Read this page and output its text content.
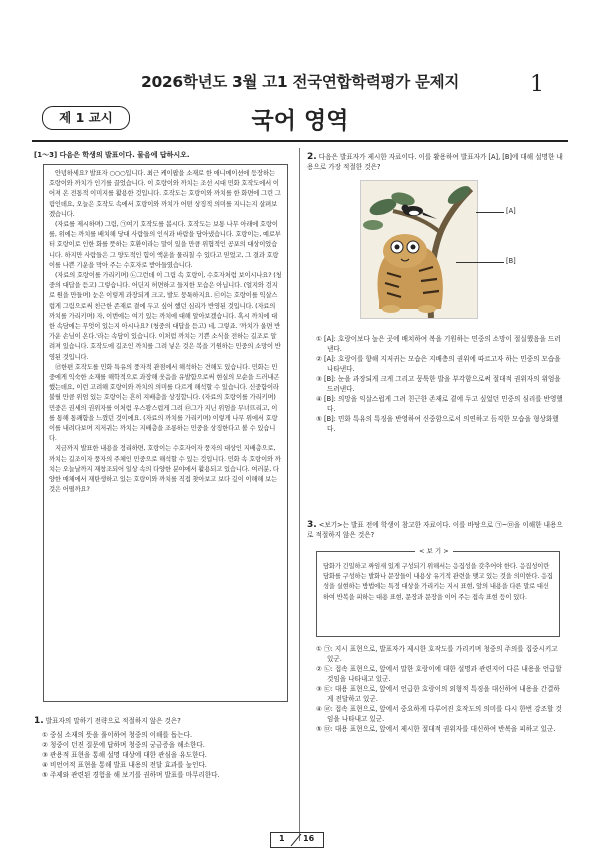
2026학년도 3월 고1 전국연합학력평가 문제지	1
제 1 교시	국어 영역
[1～3] 다음은 학생의 발표이다. 물음에 답하시오.

안녕하세요? 발표자 ○○○입니다. 최근 케이팝을 소재로 한 애니메이션에 등장하는 호랑이와 까치가 인기를 끌었습니다. 이 호랑이와 까치는 조선 시대 민화 호작도에서 이어져 온 전통적 이미지를 활용한 것입니다. 호작도는 호랑이와 까치를 한 화면에 그린 그림인데요, 오늘은 호작도 속에서 호랑이와 까치가 어떤 상징적 의미를 지니는지 살펴보겠습니다.

(자료를 제시하며) 그림, ㉠여기 호작도를 봅시다. 호작도는 보통 나무 아래에 호랑이를, 위에는 까치를 배치해 당대 사람들의 인식과 바람을 담아냈습니다. 호랑이는, 예로부터 호랑이로 인한 화를 뜻하는 호환이라는 말이 있을 만큼 위협적인 공포의 대상이었습니다. 하지만 사람들은 그 양도적인 힘이 액운을 물리칠 수 있다고 믿었고, 그 결과 호랑이를 나쁜 기운을 막아 주는 수호자로 받아들였습니다.

(자료의 호랑이를 가리키며) ㉡그런데 이 그림 속 호랑이, 수호자처럼 보이시나요? (청중의 대답을 듣고) 그렇습니다. 어딘지 허면하고 들지한 모습은 아닙니다. (얼지와 검지로 원을 만들며) 눈은 이렇게 과장되게 크고, 발도 뭉툭하지요. ㉢이는 호랑이를 익살스럽게 그림으로써 친근한 존재로 곁에 두고 싶어 했던 심리가 반영된 것입니다. (자료의 까치를 가리키며) 자, 이번에는 여기 있는 까치에 대해 알아보겠습니다. 혹시 까치에 대한 속담에는 무엇이 있는지 아시나요? (청중의 대답을 듣고) 네, 그렇죠. '까치가 울면 반가운 손님이 온다.'라는 속담이 있습니다. 이처럼 까치는 기쁜 소식을 전하는 길조로 알려져 있습니다. 호작도에 길조인 까치를 그려 넣은 것은 복을 기원하는 민중의 소망이 반영된 것입니다.

㉣한편 호작도를 민화 특유의 풍자적 관점에서 해석하는 견해도 있습니다. 민화는 민중에게 익숙한 소재를 해학적으로 과장해 웃음을 유발함으로써 현실의 모순을 드러내곤 했는데요, 이런 고려해 호랑이와 까치의 의미를 다르게 해석할 수 있습니다. 신중함이라 불릴 만큼 위엄 있는 호랑이는 흔히 지배층을 상징합니다. (자료의 호랑이를 가리키며) 민중은 권세의 권위자를 이처럼 우스꽝스럽게 그려 ㉤그가 지닌 위엄을 무너뜨리고, 이를 통해 통쾌함을 느꼈던 것이에요. (자료의 까치를 가리키며) 이렇게 나무 위에서 호랑이를 내려다보며 지저귀는 까치는 지배층을 조롱하는 민중을 상징한다고 볼 수 있습니다.

지금까지 발표한 내용을 정리하면, 호랑이는 수호자이자 풍자의 대상인 지배층으로, 까치는 길조이자 풍자의 주체인 민중으로 해석할 수 있는 것입니다. 민화 속 호랑이와 까치는 오늘날까지 재창조되어 일상 속의 다양한 분야에서 활용되고 있습니다. 여러분, 다양한 매체에서 재탄생하고 있는 호랑이와 까치를 직접 찾아보고 보다 깊이 이해해 보는 것은 어떨까요?

1. 발표자의 말하기 전략으로 적절하지 않은 것은?

① 중심 소재의 뜻을 풀이하여 청중의 이해를 돕는다.

② 청중이 던진 질문에 답하며 청중의 궁금증을 해소한다.

③ 관용적 표현을 통해 설명 대상에 대한 관심을 유도한다.

④ 비언어적 표현을 통해 발표 내용의 전달 효과를 높인다.

⑤ 주제와 관련된 경험을 해 보기를 권하며 발표를 마무리한다.

2. 다음은 발표자가 제시한 자료이다. 이를 활용하여 발표자가 [A], [B]에 대해 설명한 내용으로 가장 적절한 것은?
[A]
[B]

① [A]: 호랑이보다 높은 곳에 배치하여 복을 기원하는 민중의 소망이 절실했음을 드러낸다.

② [A]: 호랑이를 향해 지저귀는 모습은 지배층의 권위에 따르고자 하는 민중의 모습을 나타낸다.

③ [B]: 눈을 과장되게 크게 그리고 뭉툭한 발을 부각함으로써 절대적 권위자의 위엄을 드러낸다.

④ [B]: 의망을 익살스럽게 그려 친근한 존재로 곁에 두고 싶었던 민중의 심리를 반영했다.

⑤ [B]: 민화 특유의 특징을 반영하여 신중함으로서 의연하고 듬직한 모습을 형상화했다.

3. <보기>는 발표 전에 학생이 참고한 자료이다. 이를 바탕으로 ㉠~㉤을 이해한 내용으로 적절하지 않은 것은?
담화가 긴밀하고 짜임새 있게 구성되기 위해서는 응집성을 갖추어야 한다. 응집성이란 담화를 구성하는 발화나 문장들이 내용상 유기적 관련을 맺고 있는 것을 의미한다. 응집성을 실현하는 방법에는 특정 대상을 가리키는 지시 표현, 앞의 내용을 다른 말로 대신하여 반복을 피하는 대용 표현, 문장과 문장을 이어 주는 접속 표현 등이 있다.
< 보 기 >

① ㉠: 지시 표현으로, 발표자가 제시한 호작도를 가리키며 청중의 주의를 집중시키고 있군.

② ㉡: 접속 표현으로, 앞에서 말한 호랑이에 대한 설명과 관련지어 다른 내용을 언급할 것임을 나타내고 있군.

③ ㉢: 대용 표현으로, 앞에서 언급한 호랑이의 외형적 특징을 대신하여 내용을 간결하게 전달하고 있군.

④ ㉣: 접속 표현으로, 앞에서 중요하게 다루어진 호작도의 의미를 다시 한번 강조할 것임을 나타내고 있군.

⑤ ㉤: 대용 표현으로, 앞에서 제시한 절대적 권위자를 대신하여 반복을 피하고 있군.

1 16
